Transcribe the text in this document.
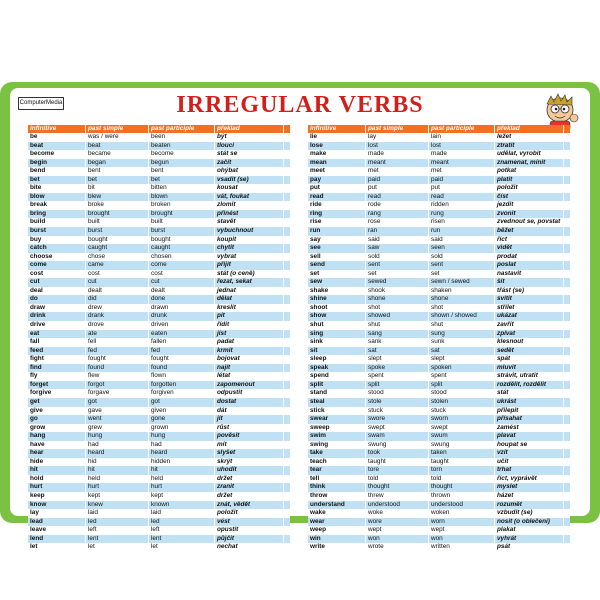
ComputerMedia	IRREGULAR VERBS
infinitive	past simple	past participle	překlad
be	was / were	been	být
beat	beat	beaten	tlouci
become	became	become	stát se
begin	began	begun	začít
bend	bent	bent	ohýbat
bet	bet	bet	vsadit (se)
bite	bit	bitten	kousat
blow	blew	blown	vát, foukat
break	broke	broken	zlomit
bring	brought	brought	přinést
build	built	built	stavět
burst	burst	burst	vybuchnout
buy	bought	bought	koupit
catch	caught	caught	chytit
choose	chose	chosen	vybrat
come	came	come	přijít
cost	cost	cost	stát (o ceně)
cut	cut	cut	řezat, sekat
deal	dealt	dealt	jednat
do	did	done	dělat
draw	drew	drawn	kreslit
drink	drank	drunk	pít
drive	drove	driven	řídit
eat	ate	eaten	jíst
fall	fell	fallen	padat
feed	fed	fed	krmit
fight	fought	fought	bojovat
find	found	found	najít
fly	flew	flown	létat
forget	forgot	forgotten	zapomenout
forgive	forgave	forgiven	odpustit
get	got	got	dostat
give	gave	given	dát
go	went	gone	jít
grow	grew	grown	růst
hang	hung	hung	pověsit
have	had	had	mít
hear	heard	heard	slyšet
hide	hid	hidden	skrýt
hit	hit	hit	uhodit
hold	held	held	držet
hurt	hurt	hurt	zranit
keep	kept	kept	držet
know	knew	known	znát, vědět
lay	laid	laid	položit
lead	led	led	vést
leave	left	left	opustit
lend	lent	lent	půjčit
let	let	let	nechat
infinitive	past simple	past participle	překlad
lie	lay	lain	ležet
lose	lost	lost	ztratit
make	made	made	udělat, vyrobit
mean	meant	meant	znamenat, mínit
meet	met	met	potkat
pay	paid	paid	platit
put	put	put	položit
read	read	read	číst
ride	rode	ridden	jezdit
ring	rang	rung	zvonit
rise	rose	risen	zvednout se, povstat
run	ran	run	běžet
say	said	said	říct
see	saw	seen	vidět
sell	sold	sold	prodat
send	sent	sent	poslat
set	set	set	nastavit
sew	sewed	sewn / sewed	šít
shake	shook	shaken	třást (se)
shine	shone	shone	svítit
shoot	shot	shot	střílet
show	showed	shown / showed	ukázat
shut	shut	shut	zavřít
sing	sang	sung	zpívat
sink	sank	sunk	klesnout
sit	sat	sat	sedět
sleep	slept	slept	spát
speak	spoke	spoken	mluvit
spend	spent	spent	strávit, utratit
split	split	split	rozdělit, rozdělit
stand	stood	stood	stát
steal	stole	stolen	ukrást
stick	stuck	stuck	přilepit
swear	swore	sworn	přísahat
sweep	swept	swept	zamést
swim	swam	swum	plavat
swing	swung	swung	houpat se
take	took	taken	vzít
teach	taught	taught	učit
tear	tore	torn	trhat
tell	told	told	říct, vyprávět
think	thought	thought	myslet
throw	threw	thrown	házet
understand	understood	understood	rozumět
wake	woke	woken	vzbudit (se)
wear	wore	worn	nosit (o oblečení)
weep	wept	wept	plakat
win	won	won	vyhrát
write	wrote	written	psát
